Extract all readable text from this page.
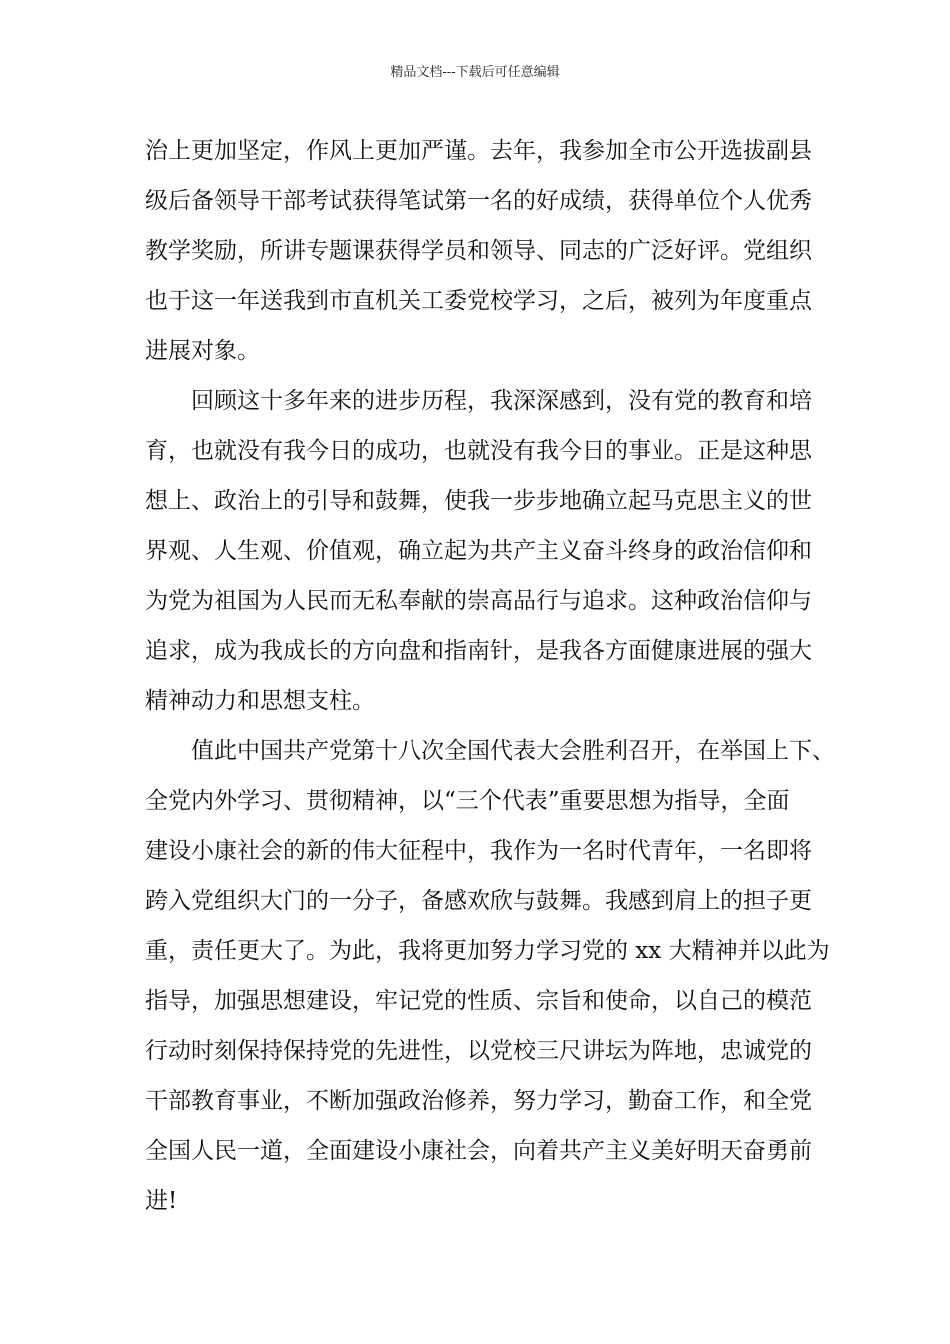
精品文档---下载后可任意编辑
治上更加坚定，作风上更加严谨。去年，我参加全市公开选拔副县
级后备领导干部考试获得笔试第一名的好成绩，获得单位个人优秀
教学奖励，所讲专题课获得学员和领导、同志的广泛好评。党组织
也于这一年送我到市直机关工委党校学习，之后，被列为年度重点
进展对象。
回顾这十多年来的进步历程，我深深感到，没有党的教育和培
育，也就没有我今日的成功，也就没有我今日的事业。正是这种思
想上、政治上的引导和鼓舞，使我一步步地确立起马克思主义的世
界观、人生观、价值观，确立起为共产主义奋斗终身的政治信仰和
为党为祖国为人民而无私奉献的崇高品行与追求。这种政治信仰与
追求，成为我成长的方向盘和指南针，是我各方面健康进展的强大
精神动力和思想支柱。
值此中国共产党第十八次全国代表大会胜利召开，在举国上下、
全党内外学习、贯彻精神，以“三个代表”重要思想为指导，全面
建设小康社会的新的伟大征程中，我作为一名时代青年，一名即将
跨入党组织大门的一分子，备感欢欣与鼓舞。我感到肩上的担子更
重，责任更大了。为此，我将更加努力学习党的 xx 大精神并以此为
指导，加强思想建设，牢记党的性质、宗旨和使命，以自己的模范
行动时刻保持保持党的先进性，以党校三尺讲坛为阵地，忠诚党的
干部教育事业，不断加强政治修养，努力学习，勤奋工作，和全党
全国人民一道，全面建设小康社会，向着共产主义美好明天奋勇前
进!
